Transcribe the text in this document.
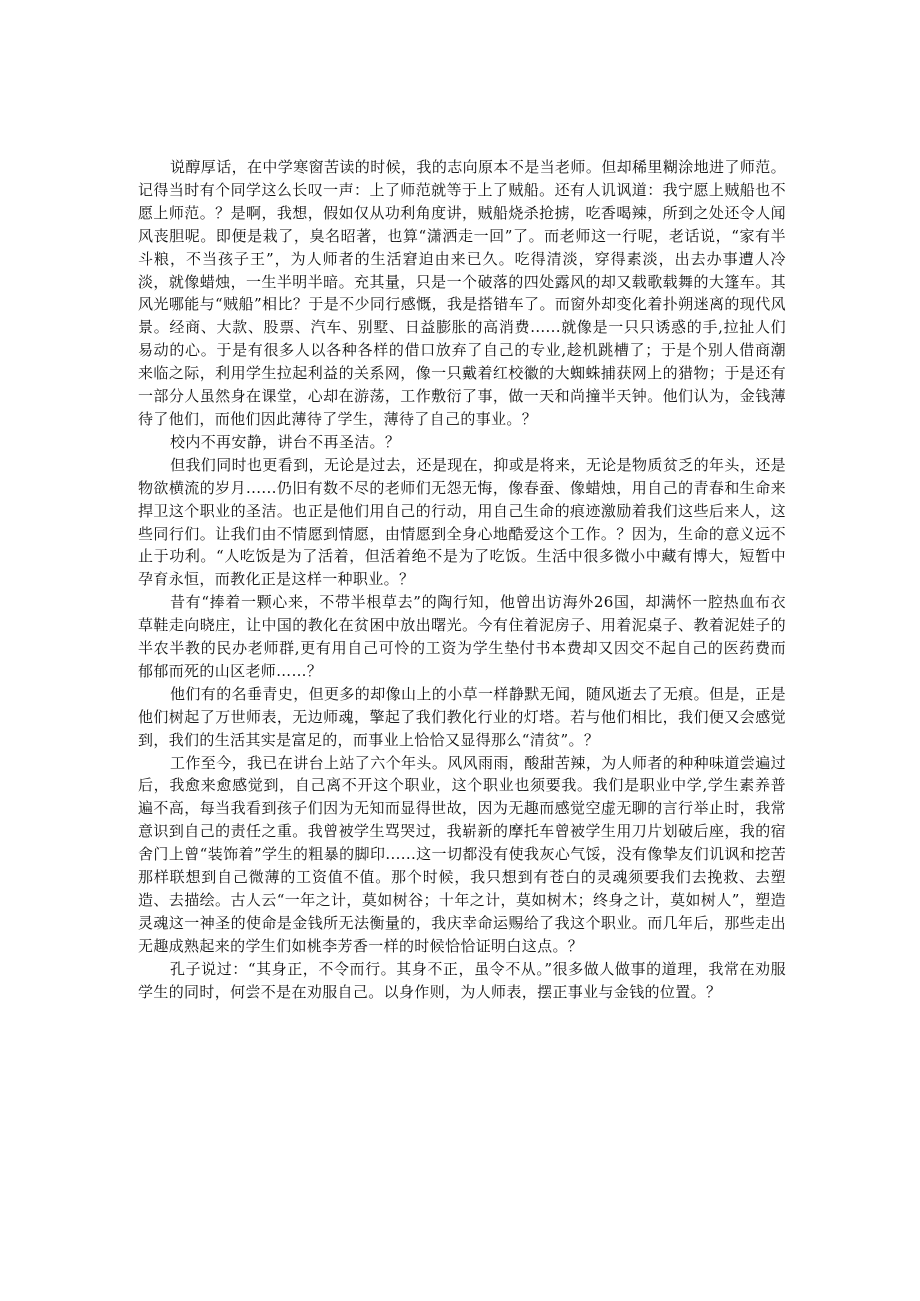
说醇厚话，在中学寒窗苦读的时候，我的志向原本不是当老师。但却稀里糊涂地进了师范。记得当时有个同学这么长叹一声：上了师范就等于上了贼船。还有人讥讽道：我宁愿上贼船也不愿上师范。？是啊，我想，假如仅从功利角度讲，贼船烧杀抢掳，吃香喝辣，所到之处还令人闻风丧胆呢。即便是栽了，臭名昭著，也算“潇洒走一回”了。而老师这一行呢，老话说，“家有半斗粮，不当孩子王”，为人师者的生活窘迫由来已久。吃得清淡，穿得素淡，出去办事遭人冷淡，就像蜡烛，一生半明半暗。充其量，只是一个破落的四处露风的却又载歌载舞的大篷车。其风光哪能与“贼船”相比？于是不少同行感慨，我是搭错车了。而窗外却变化着扑朔迷离的现代风景。经商、大款、股票、汽车、别墅、日益膨胀的高消费......就像是一只只诱惑的手,拉扯人们易动的心。于是有很多人以各种各样的借口放弃了自己的专业,趁机跳槽了；于是个别人借商潮来临之际，利用学生拉起利益的关系网，像一只戴着红校徽的大蜘蛛捕获网上的猎物；于是还有一部分人虽然身在课堂，心却在游荡，工作敷衍了事，做一天和尚撞半天钟。他们认为，金钱薄待了他们，而他们因此薄待了学生，薄待了自己的事业。？

校内不再安静，讲台不再圣洁。？

但我们同时也更看到，无论是过去，还是现在，抑或是将来，无论是物质贫乏的年头，还是物欲横流的岁月......仍旧有数不尽的老师们无怨无悔，像春蚕、像蜡烛，用自己的青春和生命来捍卫这个职业的圣洁。也正是他们用自己的行动，用自己生命的痕迹激励着我们这些后来人，这些同行们。让我们由不情愿到情愿，由情愿到全身心地酷爱这个工作。？因为，生命的意义远不止于功利。“人吃饭是为了活着，但活着绝不是为了吃饭。生活中很多微小中藏有博大，短暂中孕育永恒，而教化正是这样一种职业。？

昔有“捧着一颗心来，不带半根草去”的陶行知，他曾出访海外26国，却满怀一腔热血布衣草鞋走向晓庄，让中国的教化在贫困中放出曙光。今有住着泥房子、用着泥桌子、教着泥娃子的半农半教的民办老师群,更有用自己可怜的工资为学生垫付书本费却又因交不起自己的医药费而郁郁而死的山区老师……？

他们有的名垂青史，但更多的却像山上的小草一样静默无闻，随风逝去了无痕。但是，正是他们树起了万世师表，无边师魂，擎起了我们教化行业的灯塔。若与他们相比，我们便又会感觉到，我们的生活其实是富足的，而事业上恰恰又显得那么“清贫”。？

工作至今，我已在讲台上站了六个年头。风风雨雨，酸甜苦辣，为人师者的种种味道尝遍过后，我愈来愈感觉到，自己离不开这个职业，这个职业也须要我。我们是职业中学,学生素养普遍不高，每当我看到孩子们因为无知而显得世故，因为无趣而感觉空虚无聊的言行举止时，我常意识到自己的责任之重。我曾被学生骂哭过，我崭新的摩托车曾被学生用刀片划破后座，我的宿舍门上曾“装饰着”学生的粗暴的脚印......这一切都没有使我灰心气馁，没有像挚友们讥讽和挖苦那样联想到自己微薄的工资值不值。那个时候，我只想到有苍白的灵魂须要我们去挽救、去塑造、去描绘。古人云“一年之计，莫如树谷；十年之计，莫如树木；终身之计，莫如树人”，塑造灵魂这一神圣的使命是金钱所无法衡量的，我庆幸命运赐给了我这个职业。而几年后，那些走出无趣成熟起来的学生们如桃李芳香一样的时候恰恰证明白这点。？

孔子说过：“其身正，不令而行。其身不正，虽令不从。”很多做人做事的道理，我常在劝服学生的同时，何尝不是在劝服自己。以身作则，为人师表，摆正事业与金钱的位置。？
